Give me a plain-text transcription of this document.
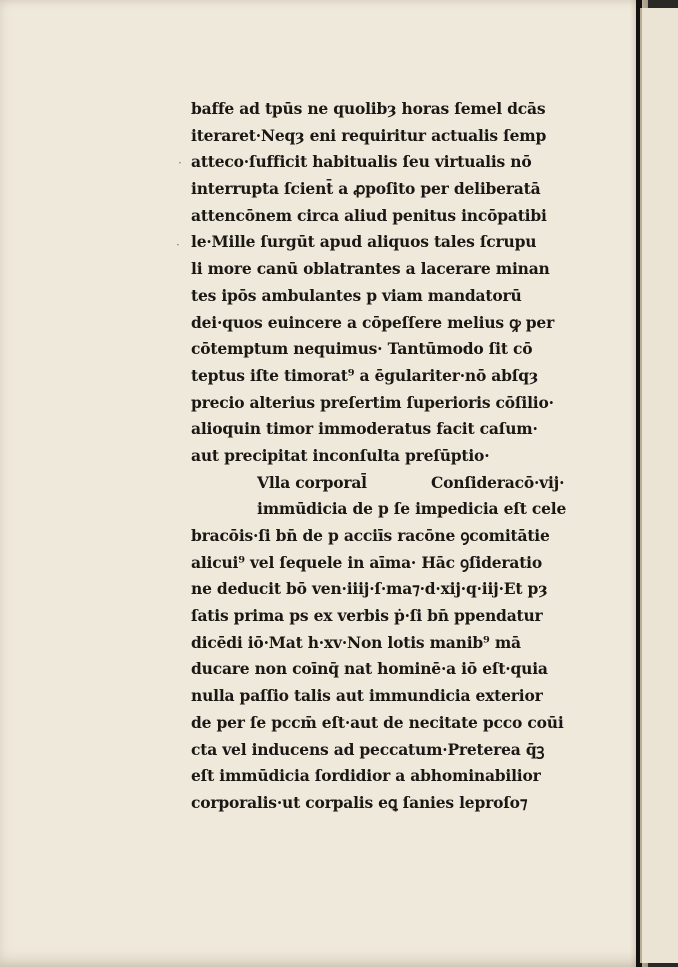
·
·
baffe ad tpūs ne quolibȝ horas ſemel dcās
iteraret·Neqȝ eni requiritur actualis ſemp
atteco·ſufficit habitualis ſeu virtualis nō
interrupta ſcient̄ a ꝓpoſito per deliberatā
attencōnem circa aliud penitus incōpatibi
le·Mille ſurgūt apud aliquos tales ſcrupu
li more canū oblatrantes a lacerare minan
tes ipōs ambulantes p viam mandatorū
dei·quos euincere a cōpeſſere melius ꝙ per
cōtemptum nequimus· Tantūmodo ſit cō
teptus iſte timorat⁹ a ēgulariter·nō abſqȝ
precio alterius preſertim ſuperioris cōſilio·
alioquin timor immoderatus facit caſum·
aut precipitat inconſulta preſūptio·
Vlla corporal̄	Conſideracō·vij·
immūdicia de p ſe impedicia eſt cele
bracōis·ſi bn̄ de p acciīs racōne ꝯcomitātie
alicui⁹ vel ſequele in aīma· Hāc ꝯſideratio
ne deducit bō ven·iiij·ſ·ma⁊·d·xij·q·iij·Et pȝ
ſatis prima ps ex verbis ṗ·ſi bn̄ ppendatur
dicēdi iō·Mat h·xv·Non lotis manib⁹ mā
ducare non coīnq̄ nat hominē·a iō eſt·quia
nulla paſſio talis aut immundicia exterior
de per ſe pccm̄ eſt·aut de necitate pcco coūi
cta vel inducens ad peccatum·Preterea q̄ꝫ
eſt immūdicia ſordidior a abhominabilior
corporalis·ut corpalis eꝗ ſanies leproſo⁊
